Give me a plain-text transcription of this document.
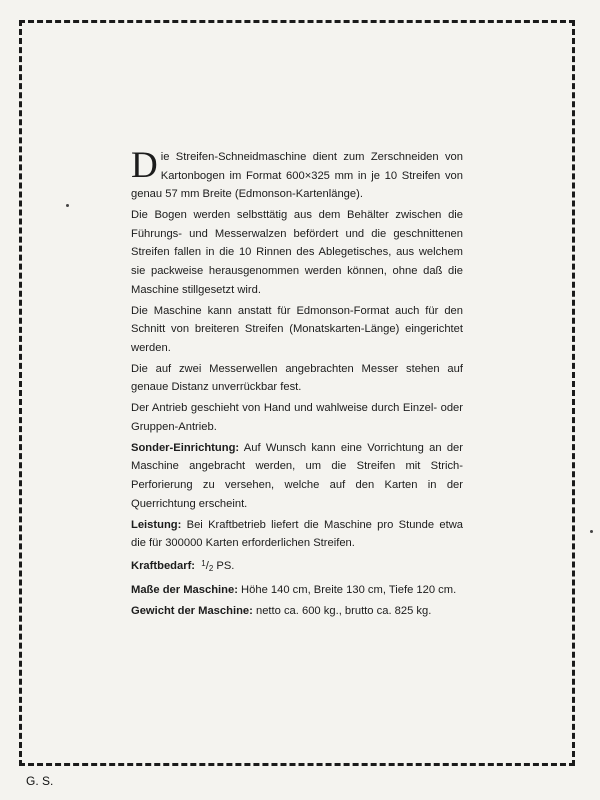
Die Streifen-Schneidmaschine dient zum Zerschneiden von Kartonbogen im Format 600×325 mm in je 10 Streifen von genau 57 mm Breite (Edmonson-Kartenlänge).

Die Bogen werden selbsttätig aus dem Behälter zwischen die Führungs- und Messerwalzen befördert und die geschnittenen Streifen fallen in die 10 Rinnen des Ablegetisches, aus welchem sie packweise herausgenommen werden können, ohne daß die Maschine stillgesetzt wird.

Die Maschine kann anstatt für Edmonson-Format auch für den Schnitt von breiteren Streifen (Monatskarten-Länge) eingerichtet werden.

Die auf zwei Messerwellen angebrachten Messer stehen auf genaue Distanz unverrückbar fest.

Der Antrieb geschieht von Hand und wahlweise durch Einzel- oder Gruppen-Antrieb.

Sonder-Einrichtung: Auf Wunsch kann eine Vorrichtung an der Maschine angebracht werden, um die Streifen mit Strich-Perforierung zu versehen, welche auf den Karten in der Querrichtung erscheint.

Leistung: Bei Kraftbetrieb liefert die Maschine pro Stunde etwa die für 300000 Karten erforderlichen Streifen.

Kraftbedarf: $^1$/2 PS.

Maße der Maschine: Höhe 140 cm, Breite 130 cm, Tiefe 120 cm.

Gewicht der Maschine: netto ca. 600 kg., brutto ca. 825 kg.

G. S.
